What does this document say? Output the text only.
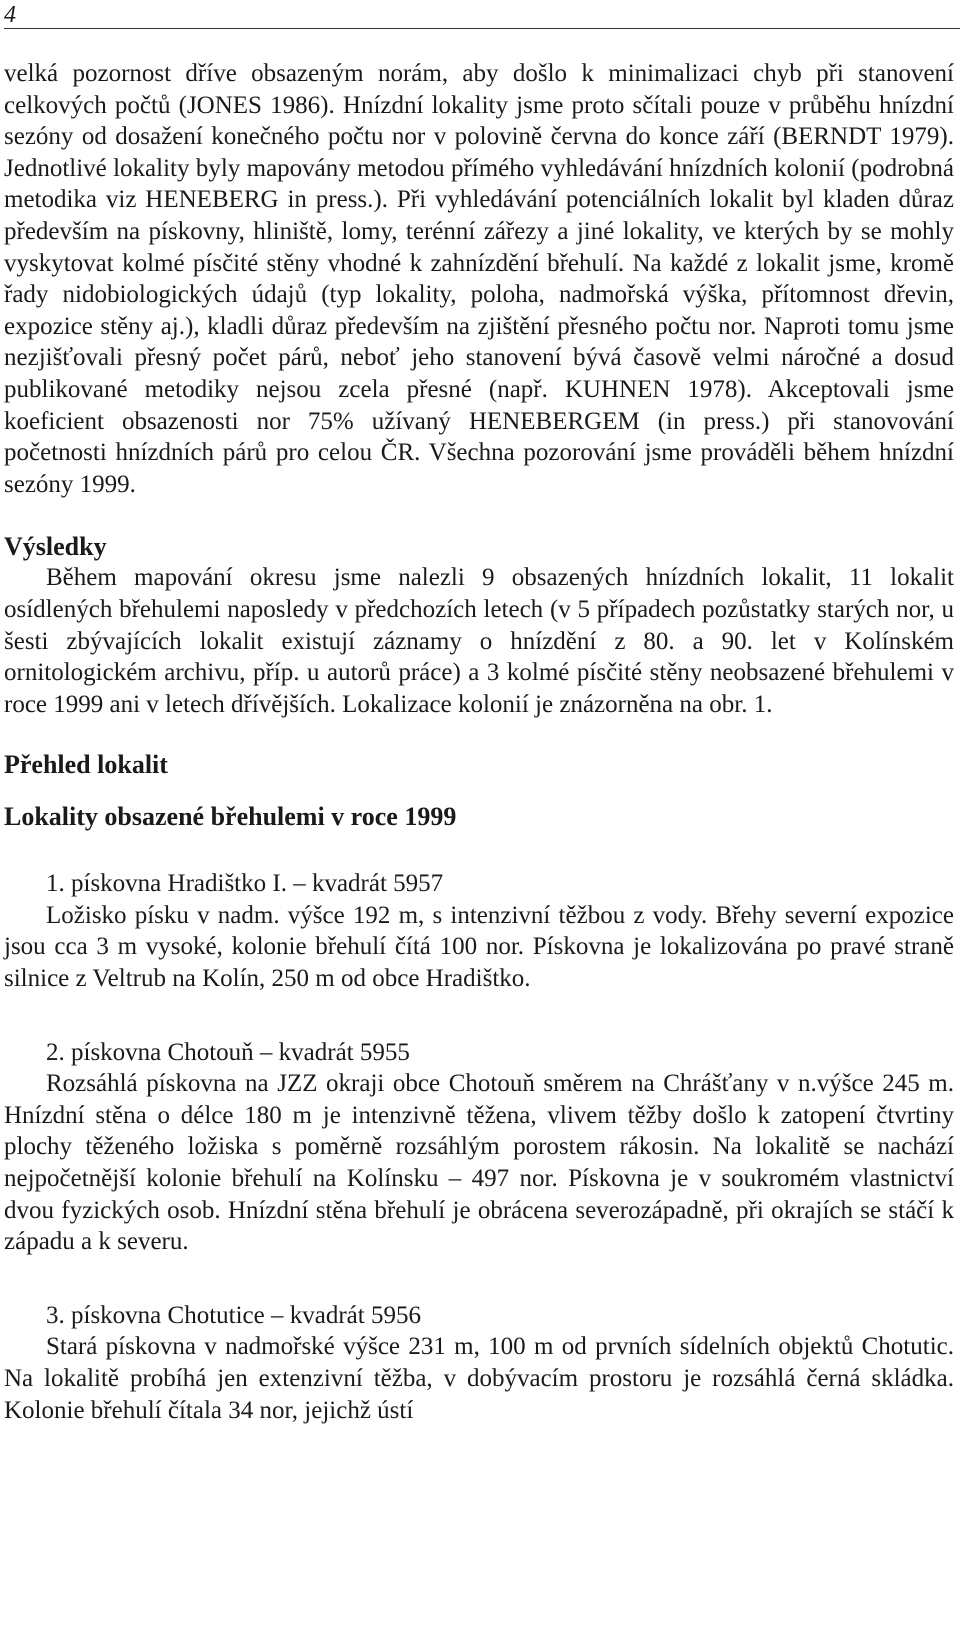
4

velká pozornost dříve obsazeným norám, aby došlo k minimalizaci chyb při stanovení celkových počtů (JONES 1986). Hnízdní lokality jsme proto sčítali pouze v průběhu hnízdní sezóny od dosažení konečného počtu nor v polovině června do konce září (BERNDT 1979). Jednotlivé lokality byly mapovány metodou přímého vyhledávání hnízdních kolonií (podrobná metodika viz HENEBERG in press.). Při vyhledávání potenciálních lokalit byl kladen důraz především na pískovny, hliniště, lomy, terénní zářezy a jiné lokality, ve kterých by se mohly vyskytovat kolmé písčité stěny vhodné k zahnízdění břehulí. Na každé z lokalit jsme, kromě řady nidobiologických údajů (typ lokality, poloha, nadmořská výška, přítomnost dřevin, expozice stěny aj.), kladli důraz především na zjištění přesného počtu nor. Naproti tomu jsme nezjišťovali přesný počet párů, neboť jeho stanovení bývá časově velmi náročné a dosud publikované metodiky nejsou zcela přesné (např. KUHNEN 1978). Akceptovali jsme koeficient obsazenosti nor 75% užívaný HENEBERGEM (in press.) při stanovování početnosti hnízdních párů pro celou ČR. Všechna pozorování jsme prováděli během hnízdní sezóny 1999.

Výsledky

Během mapování okresu jsme nalezli 9 obsazených hnízdních lokalit, 11 lokalit osídlených břehulemi naposledy v předchozích letech (v 5 případech pozůstatky starých nor, u šesti zbývajících lokalit existují záznamy o hnízdění z 80. a 90. let v Kolínském ornitologickém archivu, příp. u autorů práce) a 3 kolmé písčité stěny neobsazené břehulemi v roce 1999 ani v letech dřívějších. Lokalizace kolonií je znázorněna na obr. 1.

Přehled lokalit

Lokality obsazené břehulemi v roce 1999

1. pískovna Hradištko I. – kvadrát 5957

Ložisko písku v nadm. výšce 192 m, s intenzivní těžbou z vody. Břehy severní expozice jsou cca 3 m vysoké, kolonie břehulí čítá 100 nor. Pískovna je lokalizována po pravé straně silnice z Veltrub na Kolín, 250 m od obce Hradištko.

2. pískovna Chotouň – kvadrát 5955

Rozsáhlá pískovna na JZZ okraji obce Chotouň směrem na Chrášťany v n.výšce 245 m. Hnízdní stěna o délce 180 m je intenzivně těžena, vlivem těžby došlo k zatopení čtvrtiny plochy těženého ložiska s poměrně rozsáhlým porostem rákosin. Na lokalitě se nachází nejpočetnější kolonie břehulí na Kolínsku – 497 nor. Pískovna je v soukromém vlastnictví dvou fyzických osob. Hnízdní stěna břehulí je obrácena severozápadně, při okrajích se stáčí k západu a k severu.

3. pískovna Chotutice – kvadrát 5956

Stará pískovna v nadmořské výšce 231 m, 100 m od prvních sídelních objektů Chotutic. Na lokalitě probíhá jen extenzivní těžba, v dobývacím prostoru je rozsáhlá černá skládka. Kolonie břehulí čítala 34 nor, jejichž ústí
